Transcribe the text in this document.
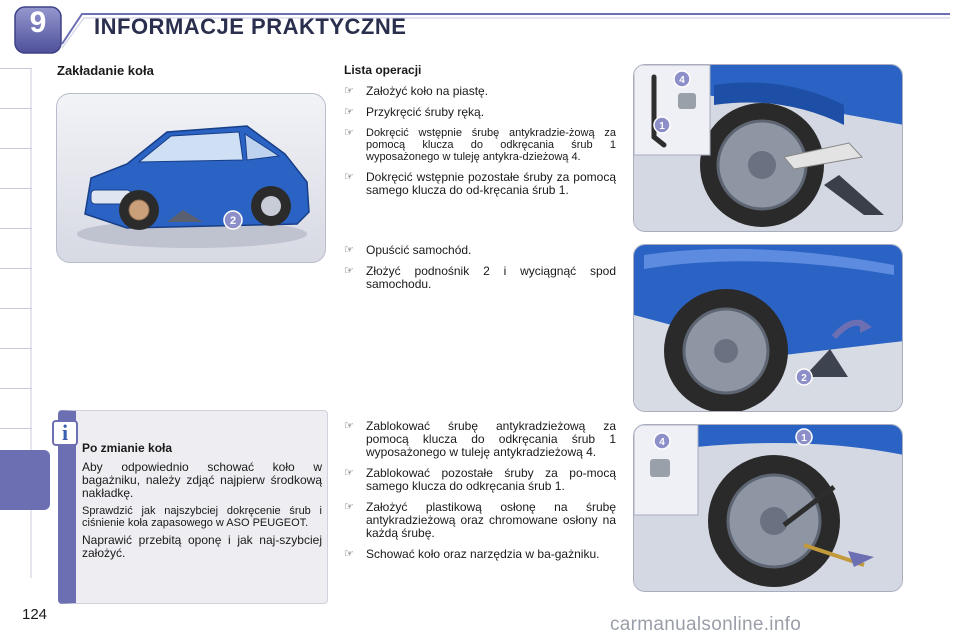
9	INFORMACJE PRAKTYCZNE
Zakładanie koła
2
Lista operacji
☞ Założyć koło na piastę.
☞ Przykręcić śruby ręką.
☞ Dokręcić wstępnie śrubę antykradzie-żową za pomocą klucza do odkręcania śrub 1 wyposażonego w tuleję antykra-dzieżową 4.
☞ Dokręcić wstępnie pozostałe śruby za pomocą samego klucza do od-kręcania śrub 1.
☞ Opuścić samochód.
☞ Złożyć podnośnik 2 i wyciągnąć spod samochodu.
☞ Zablokować śrubę antykradzieżową za pomocą klucza do odkręcania śrub 1 wyposażonego w tuleję antykradzieżową 4.
☞ Zablokować pozostałe śruby za po-mocą samego klucza do odkręcania śrub 1.
☞ Założyć plastikową osłonę na śrubę antykradzieżową oraz chromowane osłony na każdą śrubę.
☞ Schować koło oraz narzędzia w ba-gażniku.
i
Po zmianie koła

Aby odpowiednio schować koło w bagażniku, należy zdjąć najpierw środkową nakładkę.

Sprawdzić jak najszybciej dokręcenie śrub i ciśnienie koła zapasowego w ASO PEUGEOT.

Naprawić przebitą oponę i jak naj-szybciej założyć.

4
1
2
4	1
124	carmanualsonline.info
